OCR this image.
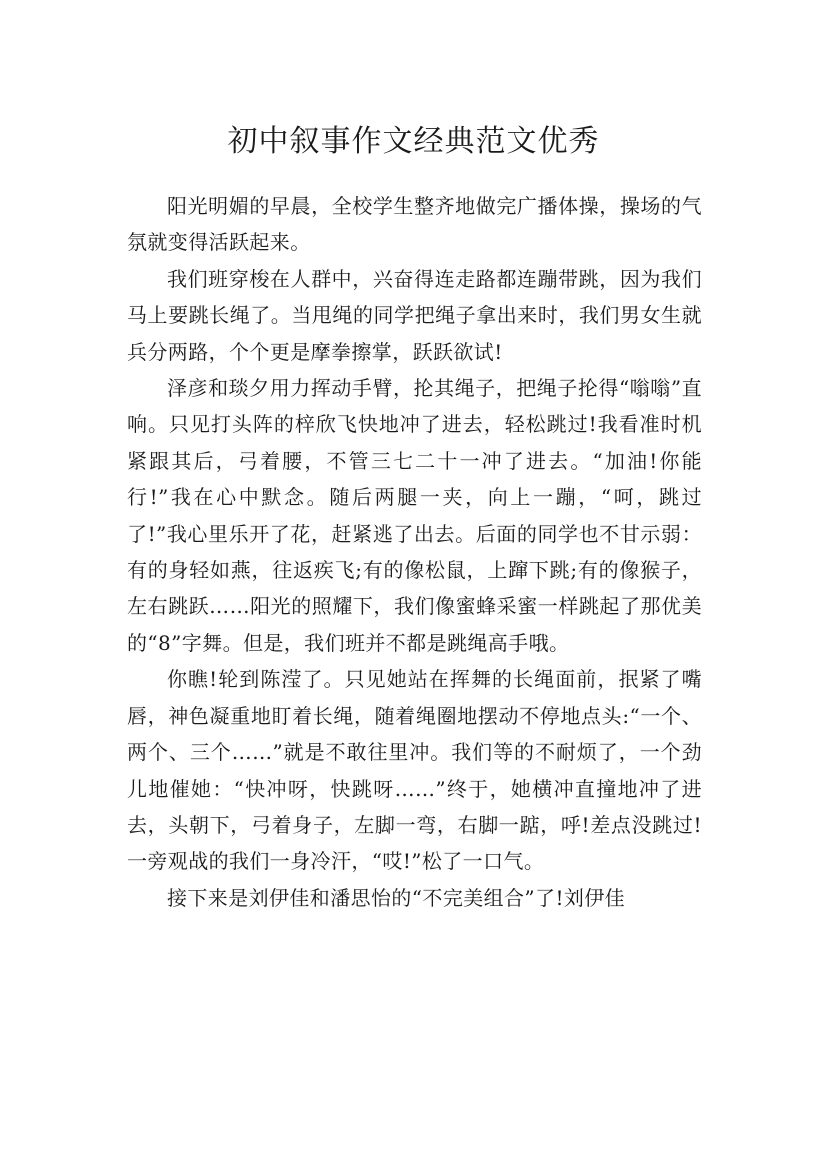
初中叙事作文经典范文优秀

阳光明媚的早晨，全校学生整齐地做完广播体操，操场的气氛就变得活跃起来。

我们班穿梭在人群中，兴奋得连走路都连蹦带跳，因为我们马上要跳长绳了。当甩绳的同学把绳子拿出来时，我们男女生就兵分两路，个个更是摩拳擦掌，跃跃欲试!

泽彦和琰夕用力挥动手臂，抡其绳子，把绳子抡得“嗡嗡”直响。只见打头阵的梓欣飞快地冲了进去，轻松跳过!我看准时机紧跟其后，弓着腰，不管三七二十一冲了进去。“加油!你能行!”我在心中默念。随后两腿一夹，向上一蹦，“呵，跳过了!”我心里乐开了花，赶紧逃了出去。后面的同学也不甘示弱：有的身轻如燕，往返疾飞;有的像松鼠，上蹿下跳;有的像猴子，左右跳跃……阳光的照耀下，我们像蜜蜂采蜜一样跳起了那优美的“8”字舞。但是，我们班并不都是跳绳高手哦。

你瞧!轮到陈滢了。只见她站在挥舞的长绳面前，抿紧了嘴唇，神色凝重地盯着长绳，随着绳圈地摆动不停地点头:“一个、两个、三个……”就是不敢往里冲。我们等的不耐烦了，一个劲儿地催她：“快冲呀，快跳呀……”终于，她横冲直撞地冲了进去，头朝下，弓着身子，左脚一弯，右脚一踮，呼!差点没跳过!一旁观战的我们一身冷汗，“哎!”松了一口气。

接下来是刘伊佳和潘思怡的“不完美组合”了!刘伊佳
